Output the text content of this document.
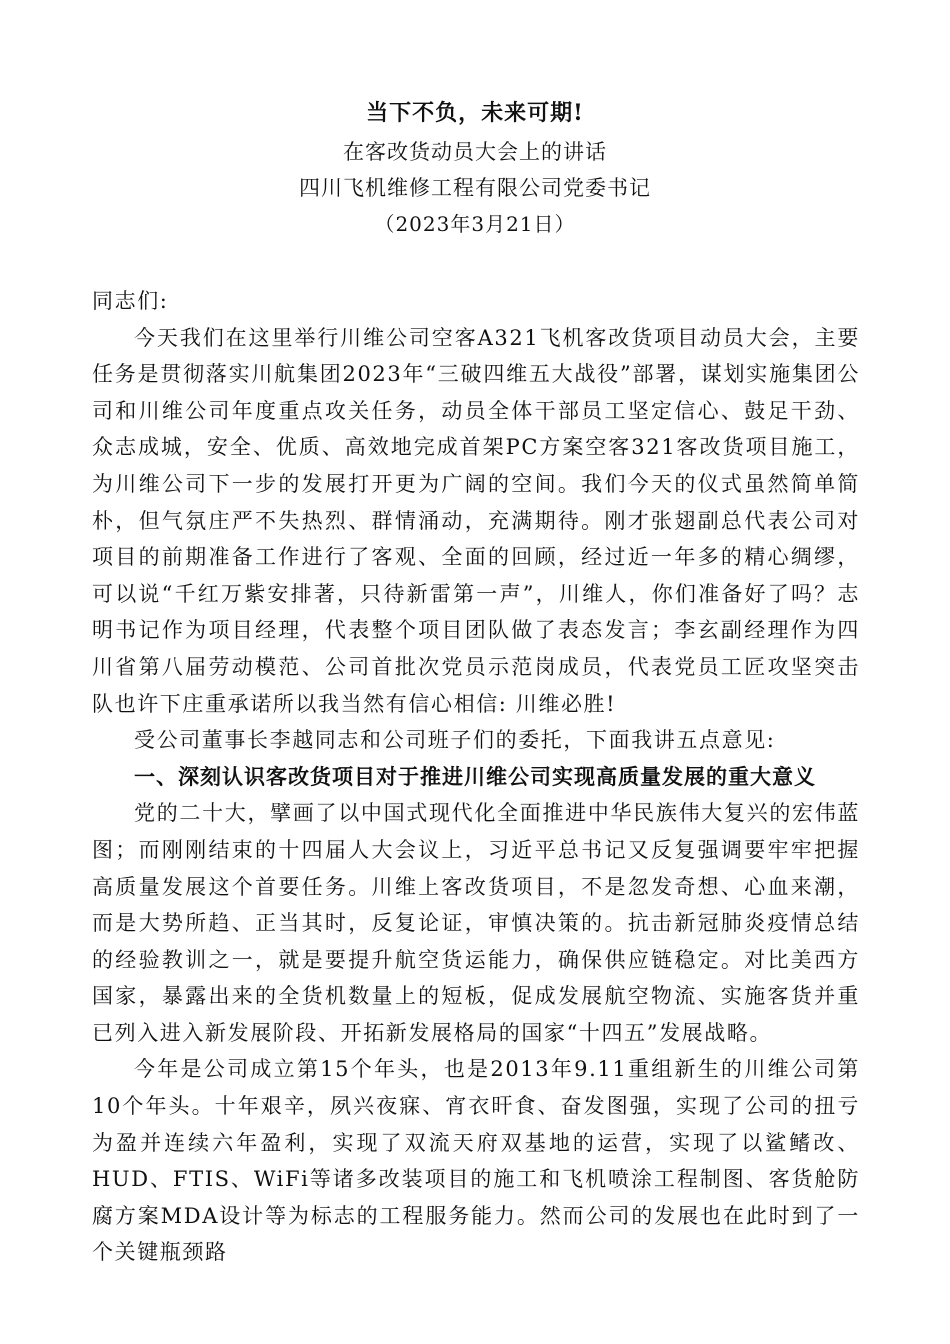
当下不负，未来可期!
在客改货动员大会上的讲话
四川飞机维修工程有限公司党委书记
（2023年3月21日）

同志们:

今天我们在这里举行川维公司空客A321飞机客改货项目动员大会，主要任务是贯彻落实川航集团2023年“三破四维五大战役”部署，谋划实施集团公司和川维公司年度重点攻关任务，动员全体干部员工坚定信心、鼓足干劲、众志成城，安全、优质、高效地完成首架PC方案空客321客改货项目施工，为川维公司下一步的发展打开更为广阔的空间。我们今天的仪式虽然简单简朴，但气氛庄严不失热烈、群情涌动，充满期待。刚才张翅副总代表公司对项目的前期准备工作进行了客观、全面的回顾，经过近一年多的精心绸缪，可以说“千红万紫安排著，只待新雷第一声”，川维人，你们准备好了吗？志明书记作为项目经理，代表整个项目团队做了表态发言；李玄副经理作为四川省第八届劳动模范、公司首批次党员示范岗成员，代表党员工匠攻坚突击队也许下庄重承诺所以我当然有信心相信: 川维必胜!

受公司董事长李越同志和公司班子们的委托，下面我讲五点意见:

一、深刻认识客改货项目对于推进川维公司实现高质量发展的重大意义

党的二十大，擘画了以中国式现代化全面推进中华民族伟大复兴的宏伟蓝图；而刚刚结束的十四届人大会议上，习近平总书记又反复强调要牢牢把握高质量发展这个首要任务。川维上客改货项目，不是忽发奇想、心血来潮，而是大势所趋、正当其时，反复论证，审慎决策的。抗击新冠肺炎疫情总结的经验教训之一，就是要提升航空货运能力，确保供应链稳定。对比美西方国家，暴露出来的全货机数量上的短板，促成发展航空物流、实施客货并重已列入进入新发展阶段、开拓新发展格局的国家“十四五”发展战略。

今年是公司成立第15个年头，也是2013年9.11重组新生的川维公司第10个年头。十年艰辛，夙兴夜寐、宵衣旰食、奋发图强，实现了公司的扭亏为盈并连续六年盈利，实现了双流天府双基地的运营，实现了以鲨鳍改、HUD、FTIS、WiFi等诸多改装项目的施工和飞机喷涂工程制图、客货舱防腐方案MDA设计等为标志的工程服务能力。然而公司的发展也在此时到了一个关键瓶颈路
